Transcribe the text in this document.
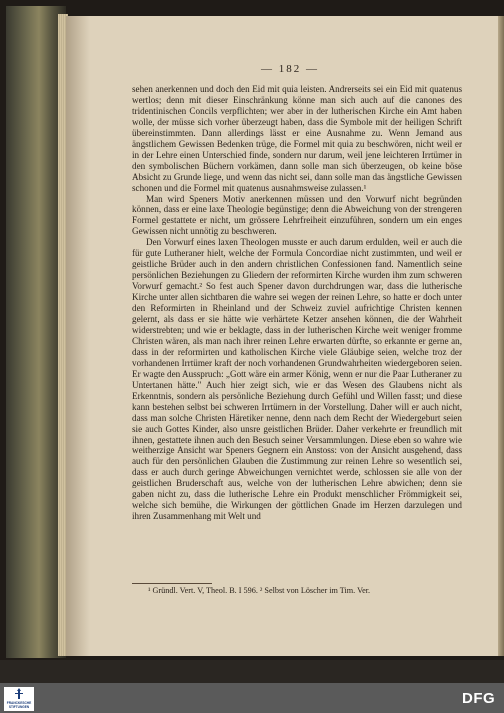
— 182 —

sehen anerkennen und doch den Eid mit quia leisten. Andrerseits sei ein Eid mit quatenus wertlos; denn mit dieser Einschränkung könne man sich auch auf die canones des tridentinischen Concils verpflichten; wer aber in der lutherischen Kirche ein Amt haben wolle, der müsse sich vorher überzeugt haben, dass die Symbole mit der heiligen Schrift übereinstimmten. Dann allerdings lässt er eine Ausnahme zu. Wenn Jemand aus ängstlichem Gewissen Bedenken trüge, die Formel mit quia zu beschwören, nicht weil er in der Lehre einen Unterschied finde, sondern nur darum, weil jene leichteren Irrtümer in den symbolischen Büchern vorkämen, dann solle man sich überzeugen, ob keine böse Absicht zu Grunde liege, und wenn das nicht sei, dann solle man das ängstliche Gewissen schonen und die Formel mit quatenus ausnahmsweise zulassen.¹

Man wird Speners Motiv anerkennen müssen und den Vorwurf nicht begründen können, dass er eine laxe Theologie begünstige; denn die Abweichung von der strengeren Formel gestattete er nicht, um grössere Lehrfreiheit einzuführen, sondern um ein enges Gewissen nicht unnötig zu beschweren.

Den Vorwurf eines laxen Theologen musste er auch darum erdulden, weil er auch die für gute Lutheraner hielt, welche der Formula Concordiae nicht zustimmten, und weil er geistliche Brüder auch in den andern christlichen Confessionen fand. Namentlich seine persönlichen Beziehungen zu Gliedern der reformirten Kirche wurden ihm zum schweren Vorwurf gemacht.² So fest auch Spener davon durchdrungen war, dass die lutherische Kirche unter allen sichtbaren die wahre sei wegen der reinen Lehre, so hatte er doch unter den Reformirten in Rheinland und der Schweiz zuviel aufrichtige Christen kennen gelernt, als dass er sie hätte wie verhärtete Ketzer ansehen können, die der Wahrheit widerstrebten; und wie er beklagte, dass in der lutherischen Kirche weit weniger fromme Christen wären, als man nach ihrer reinen Lehre erwarten dürfte, so erkannte er gerne an, dass in der reformirten und katholischen Kirche viele Gläubige seien, welche troz der vorhandenen Irrtümer kraft der noch vorhandenen Grundwahrheiten wiedergeboren seien. Er wagte den Ausspruch: „Gott wäre ein armer König, wenn er nur die Paar Lutheraner zu Untertanen hätte." Auch hier zeigt sich, wie er das Wesen des Glaubens nicht als Erkenntnis, sondern als persönliche Beziehung durch Gefühl und Willen fasst; und diese kann bestehen selbst bei schweren Irrtümern in der Vorstellung. Daher will er auch nicht, dass man solche Christen Häretiker nenne, denn nach dem Recht der Wiedergeburt seien sie auch Gottes Kinder, also unsre geistlichen Brüder. Daher verkehrte er freundlich mit ihnen, gestattete ihnen auch den Besuch seiner Versammlungen. Diese eben so wahre wie weitherzige Ansicht war Speners Gegnern ein Anstoss: von der Ansicht ausgehend, dass auch für den persönlichen Glauben die Zustimmung zur reinen Lehre so wesentlich sei, dass er auch durch geringe Abweichungen vernichtet werde, schlossen sie alle von der geistlichen Bruderschaft aus, welche von der lutherischen Lehre abwichen; denn sie gaben nicht zu, dass die lutherische Lehre ein Produkt menschlicher Frömmigkeit sei, welche sich bemühe, die Wirkungen der göttlichen Gnade im Herzen darzulegen und ihren Zusammenhang mit Welt und

¹ Gründl. Vert. V, Theol. B. I 596. ² Selbst von Löscher im Tim. Ver.
FRANCKESCHE STIFTUNGEN	DFG
